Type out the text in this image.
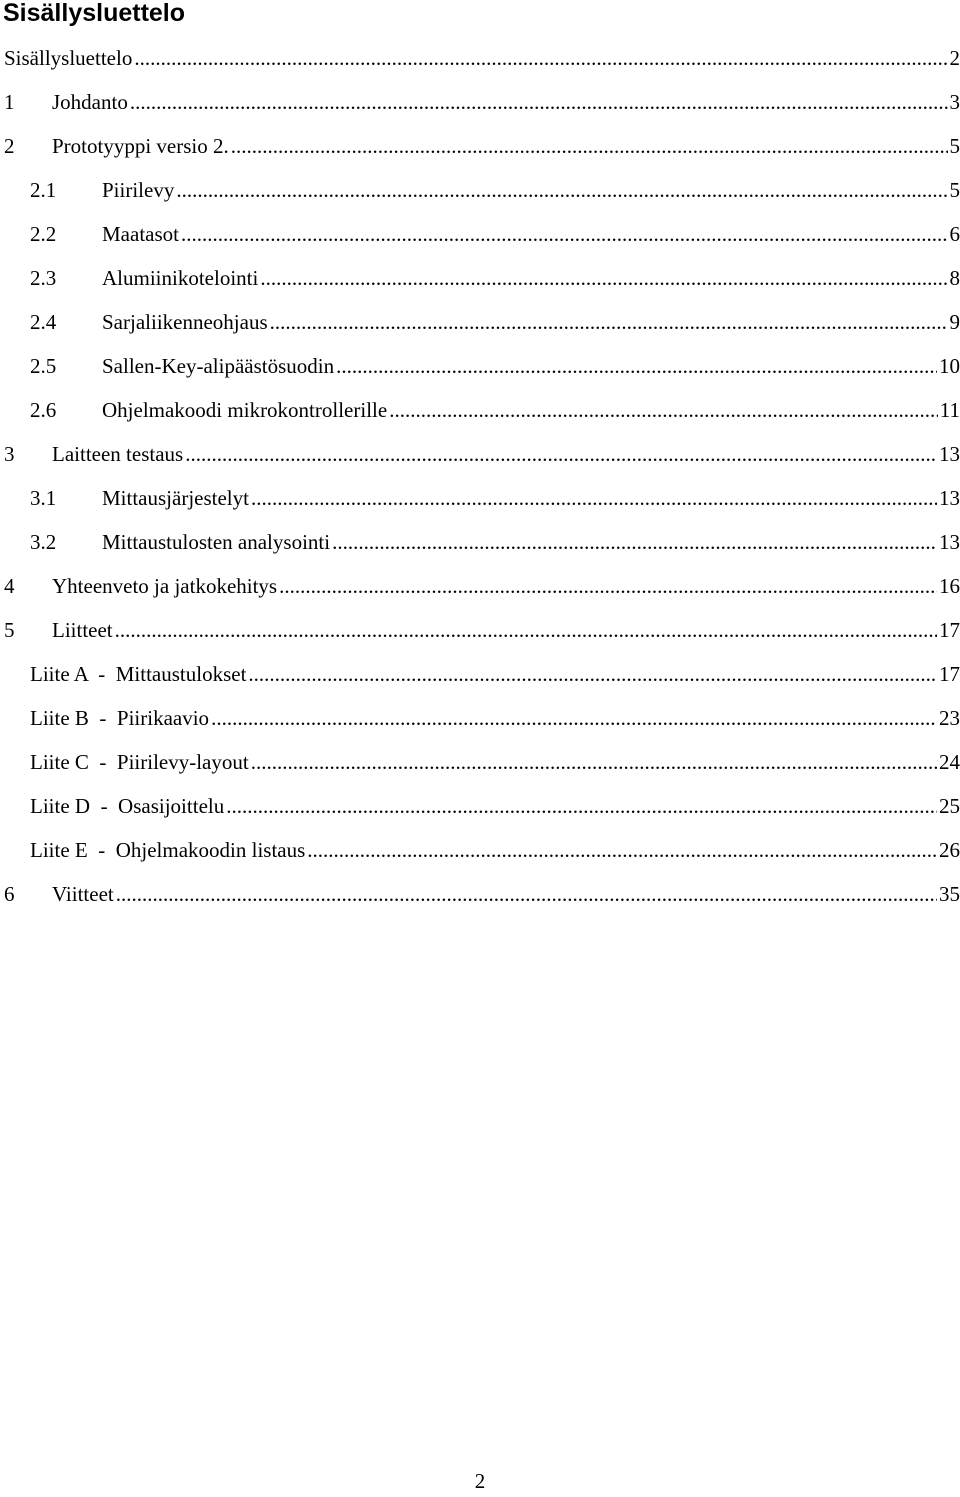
Sisällysluettelo
Sisällysluettelo .....	2
1	Johdanto .....	3
2	Prototyyppi versio 2. .....	5
2.1	Piirilevy .....	5
2.2	Maatasot .....	6
2.3	Alumiinikotelointi .....	8
2.4	Sarjaliikenneohjaus .....	9
2.5	Sallen-Key-alipäästösuodin .....	10
2.6	Ohjelmakoodi mikrokontrollerille .....	11
3	Laitteen testaus .....	13
3.1	Mittausjärjestelyt .....	13
3.2	Mittaustulosten analysointi .....	13
4	Yhteenveto ja jatkokehitys .....	16
5	Liitteet .....	17
Liite A  -  Mittaustulokset .....	17
Liite B  -  Piirikaavio .....	23
Liite C  -  Piirilevy-layout .....	24
Liite D  -  Osasijoittelu .....	25
Liite E  -  Ohjelmakoodin listaus .....	26
6	Viitteet .....	35
2
